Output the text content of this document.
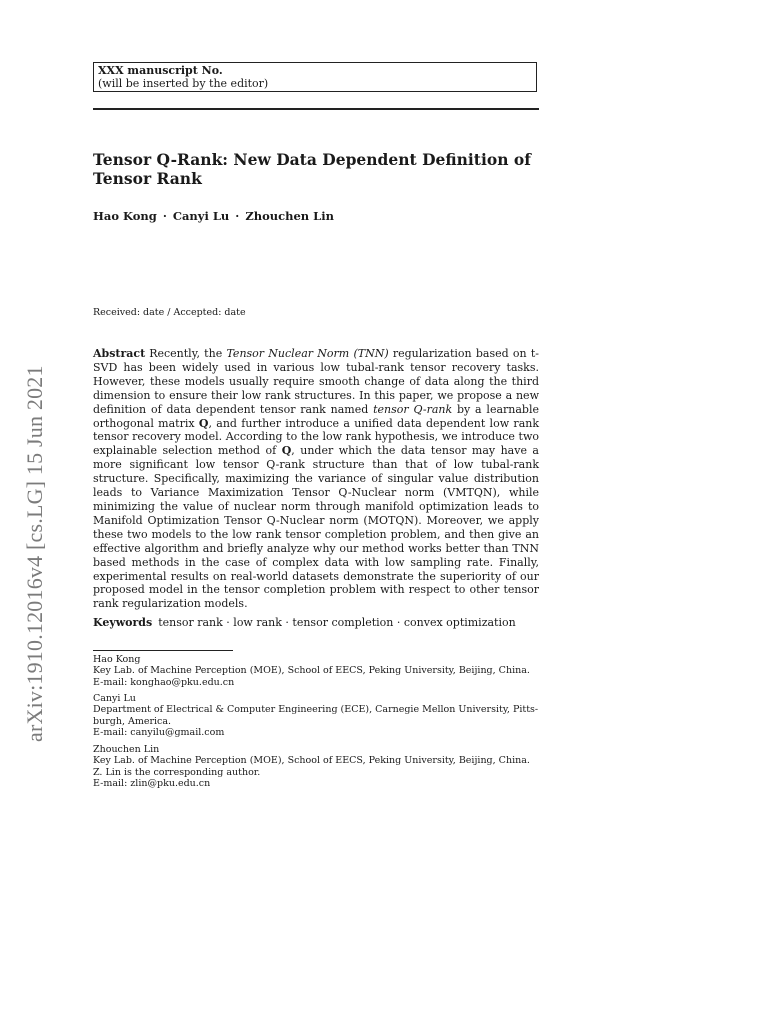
arXiv:1910.12016v4 [cs.LG] 15 Jun 2021
XXX manuscript No.
(will be inserted by the editor)
Tensor Q-Rank: New Data Dependent Definition of Tensor Rank
Hao Kong · Canyi Lu · Zhouchen Lin
Received: date / Accepted: date
Abstract Recently, the Tensor Nuclear Norm (TNN) regularization based on t-SVD has been widely used in various low tubal-rank tensor recovery tasks. However, these models usually require smooth change of data along the third dimension to ensure their low rank structures. In this paper, we propose a new definition of data dependent tensor rank named tensor Q-rank by a learnable orthogonal matrix Q, and further introduce a unified data dependent low rank tensor recovery model. According to the low rank hypothesis, we introduce two explainable selection method of Q, under which the data tensor may have a more significant low tensor Q-rank structure than that of low tubal-rank structure. Specifically, maximizing the variance of singular value distribution leads to Variance Maximization Tensor Q-Nuclear norm (VMTQN), while minimizing the value of nuclear norm through manifold optimization leads to Manifold Optimization Tensor Q-Nuclear norm (MOTQN). Moreover, we apply these two models to the low rank tensor completion problem, and then give an effective algorithm and briefly analyze why our method works better than TNN based methods in the case of complex data with low sampling rate. Finally, experimental results on real-world datasets demonstrate the superiority of our proposed model in the tensor completion problem with respect to other tensor rank regularization models.
Keywords tensor rank · low rank · tensor completion · convex optimization
Hao Kong
Key Lab. of Machine Perception (MOE), School of EECS, Peking University, Beijing, China.
E-mail: konghao@pku.edu.cn
Canyi Lu
Department of Electrical & Computer Engineering (ECE), Carnegie Mellon University, Pitts-
burgh, America.
E-mail: canyilu@gmail.com
Zhouchen Lin
Key Lab. of Machine Perception (MOE), School of EECS, Peking University, Beijing, China.
Z. Lin is the corresponding author.
E-mail: zlin@pku.edu.cn
